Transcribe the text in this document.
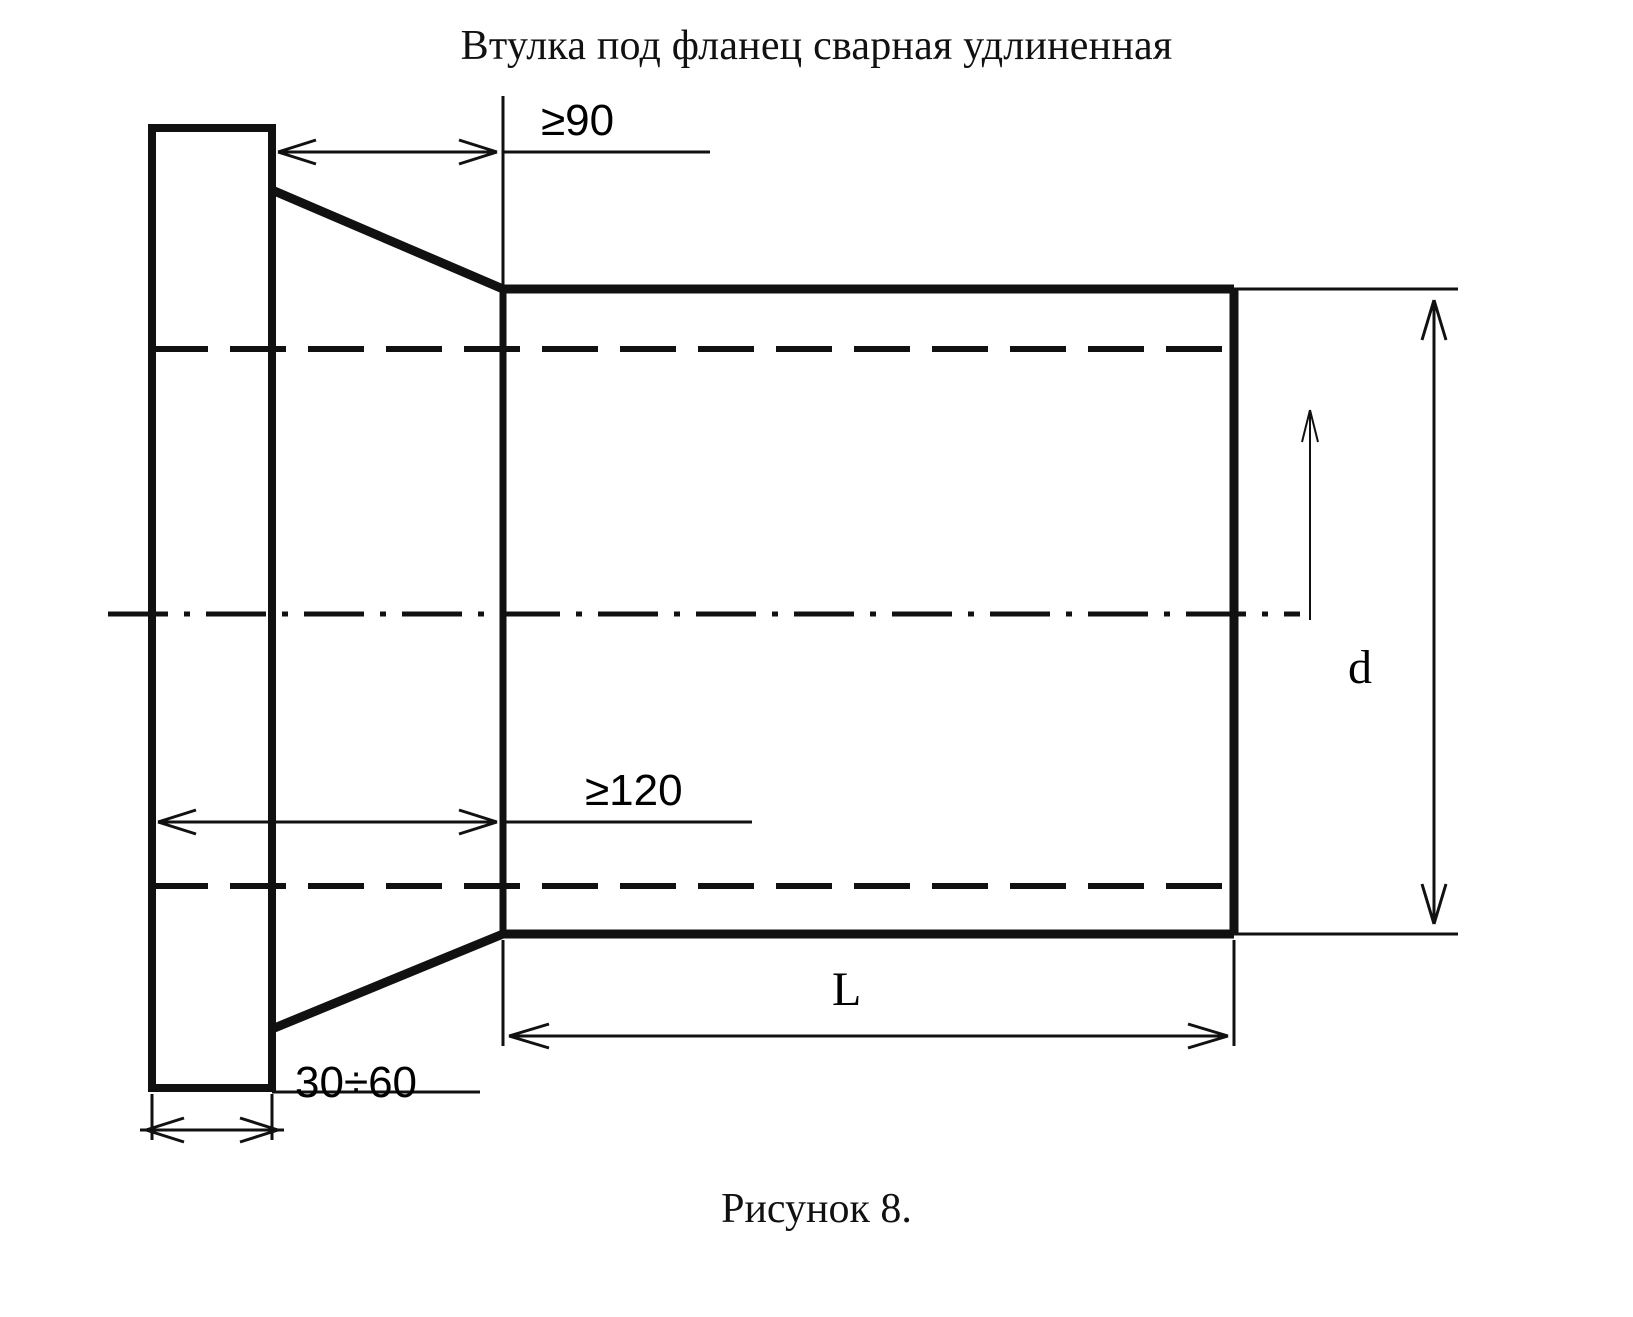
Втулка под фланец сварная удлиненная
≥90
≥120
30÷60
L
d
Рисунок 8.
